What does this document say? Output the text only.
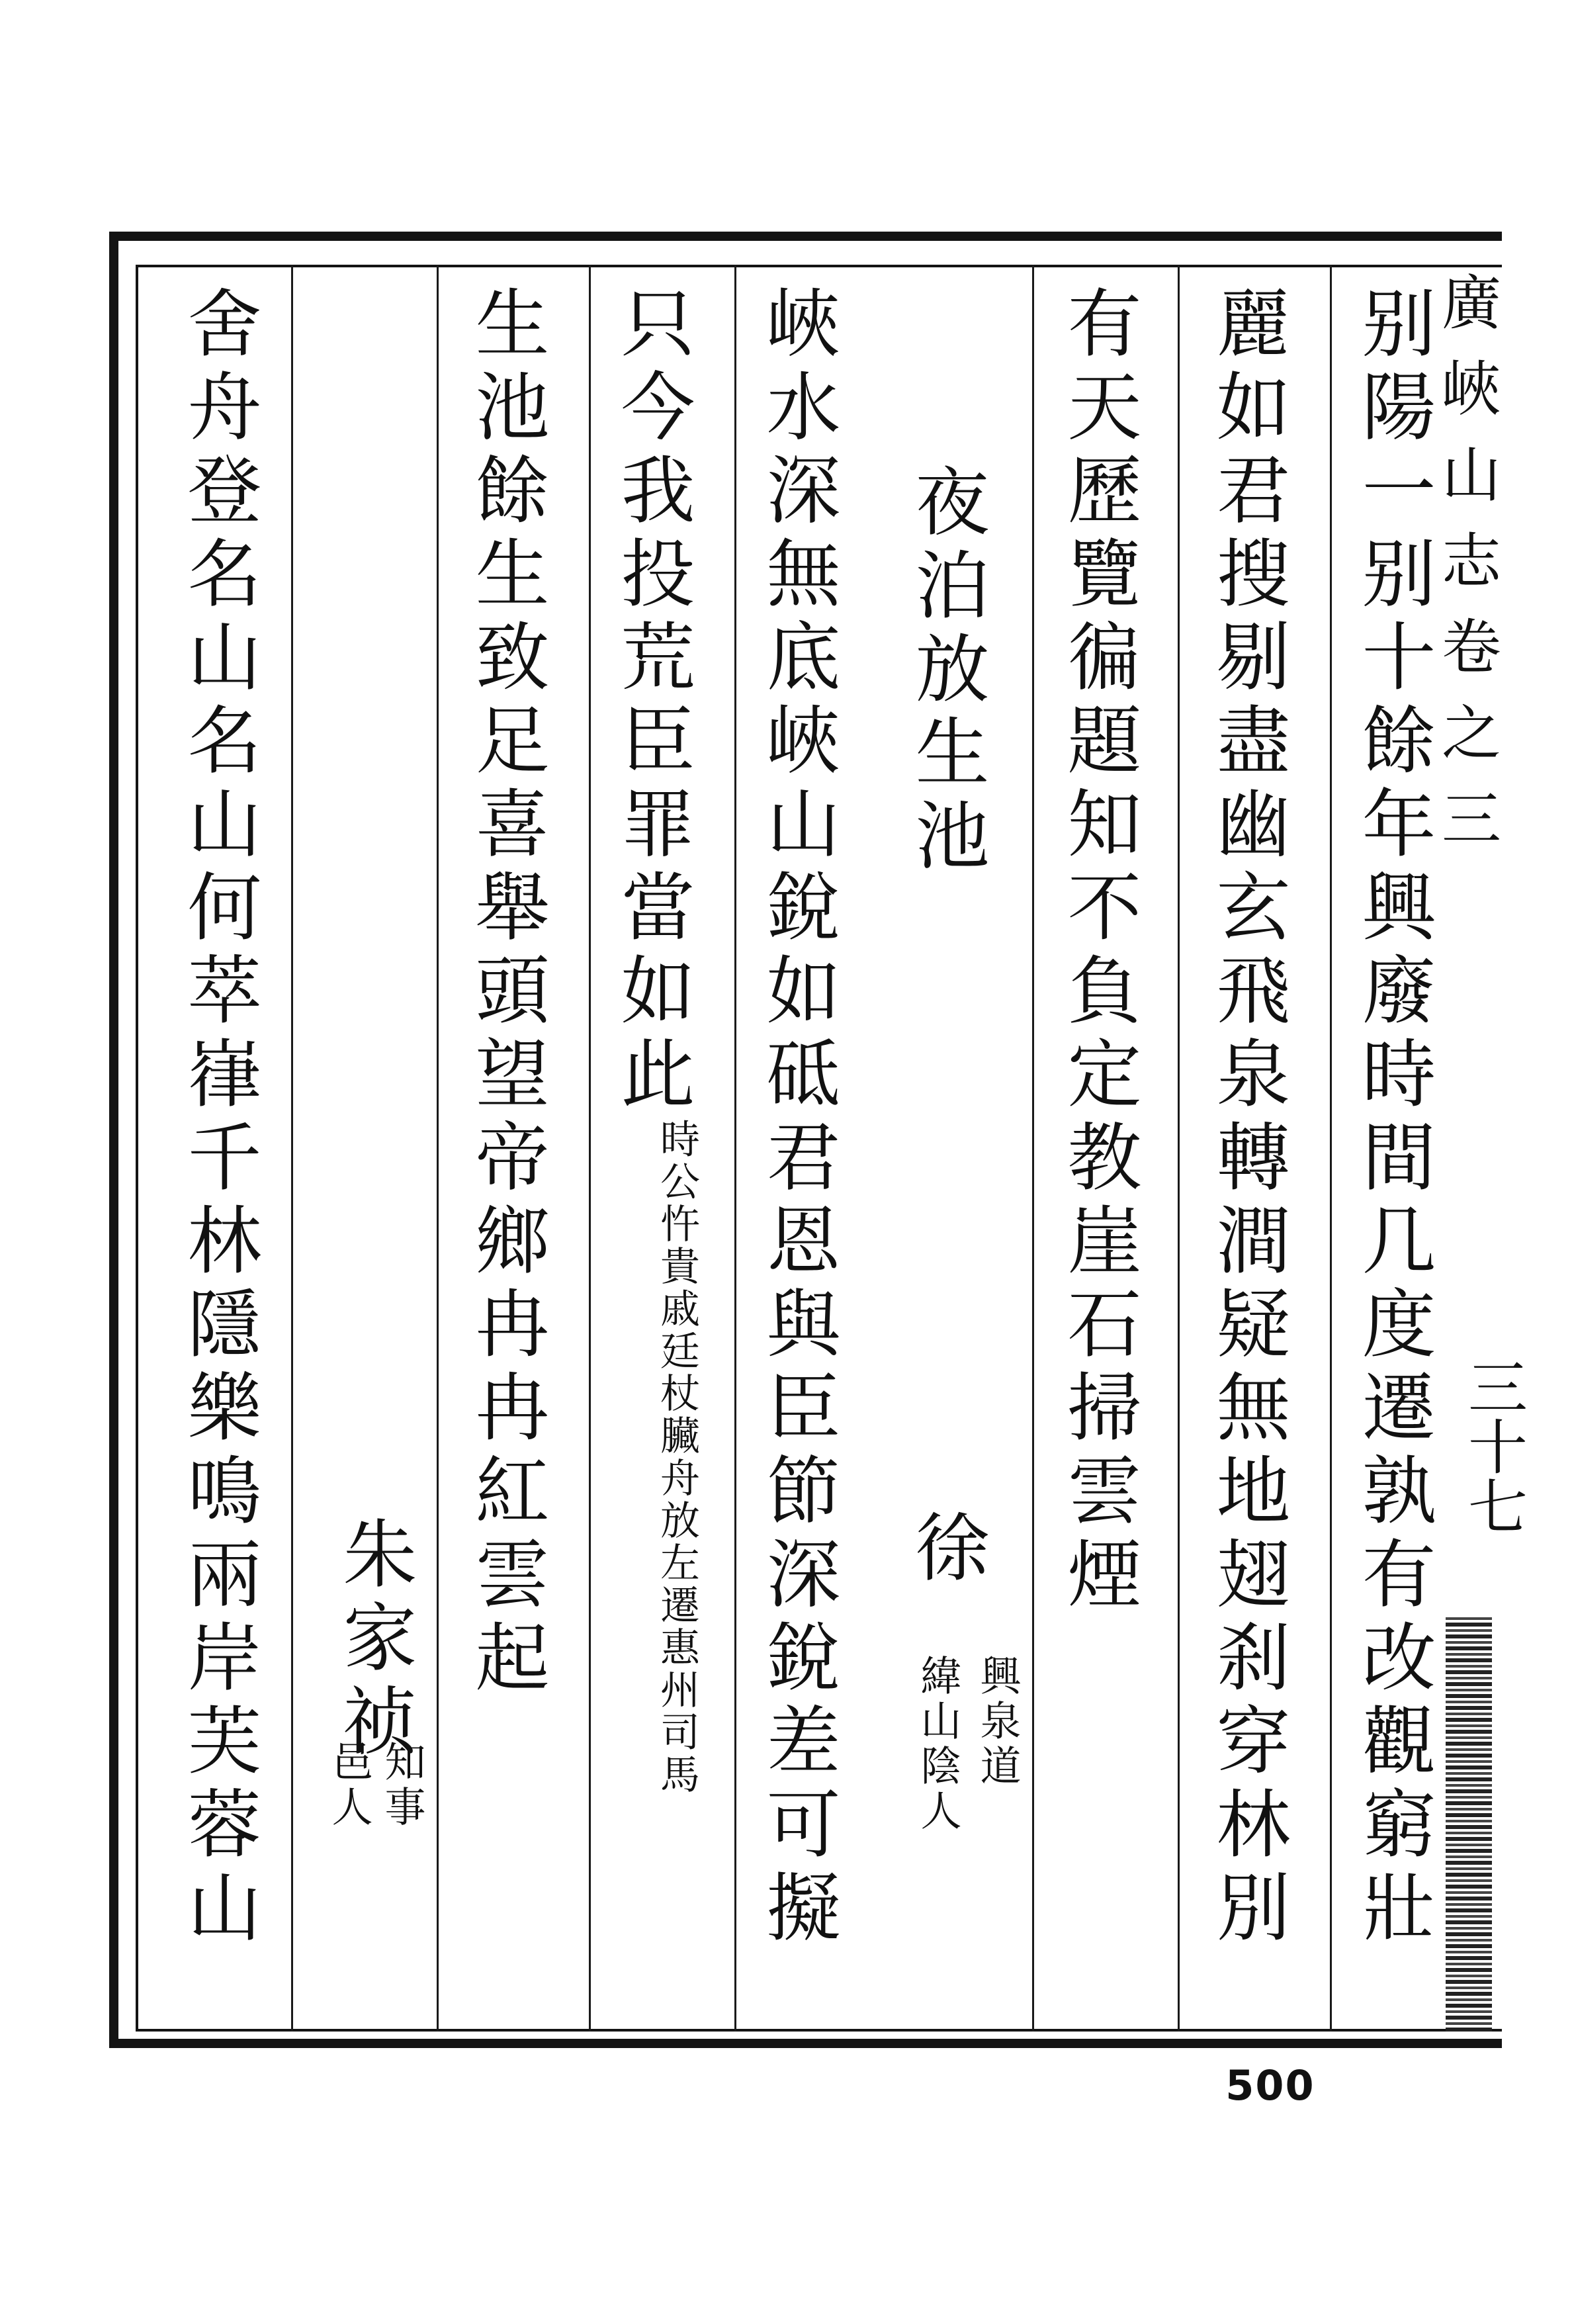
廣峽山志卷之三
三十七
别陽一别十餘年興廢時間几度遷孰有改觀窮壯
麗如君搜剔盡幽玄飛泉轉澗疑無地翅刹穿林別
有天歷覽徧題知不負定教崖石掃雲煙
夜泊放生池
徐
興泉道
緯山陰人
峽水深無底峽山銳如砥君恩與臣節深銳差可擬
只今我投荒臣罪當如此時公忤貴戚廷杖臟舟放左遷惠州司馬
生池餘生致足喜舉頭望帝鄉冉冉紅雲起
朱家祯
知事
邑人
舍舟登名山名山何萃嵂千林隱樂鳴兩岸芙蓉山
500
